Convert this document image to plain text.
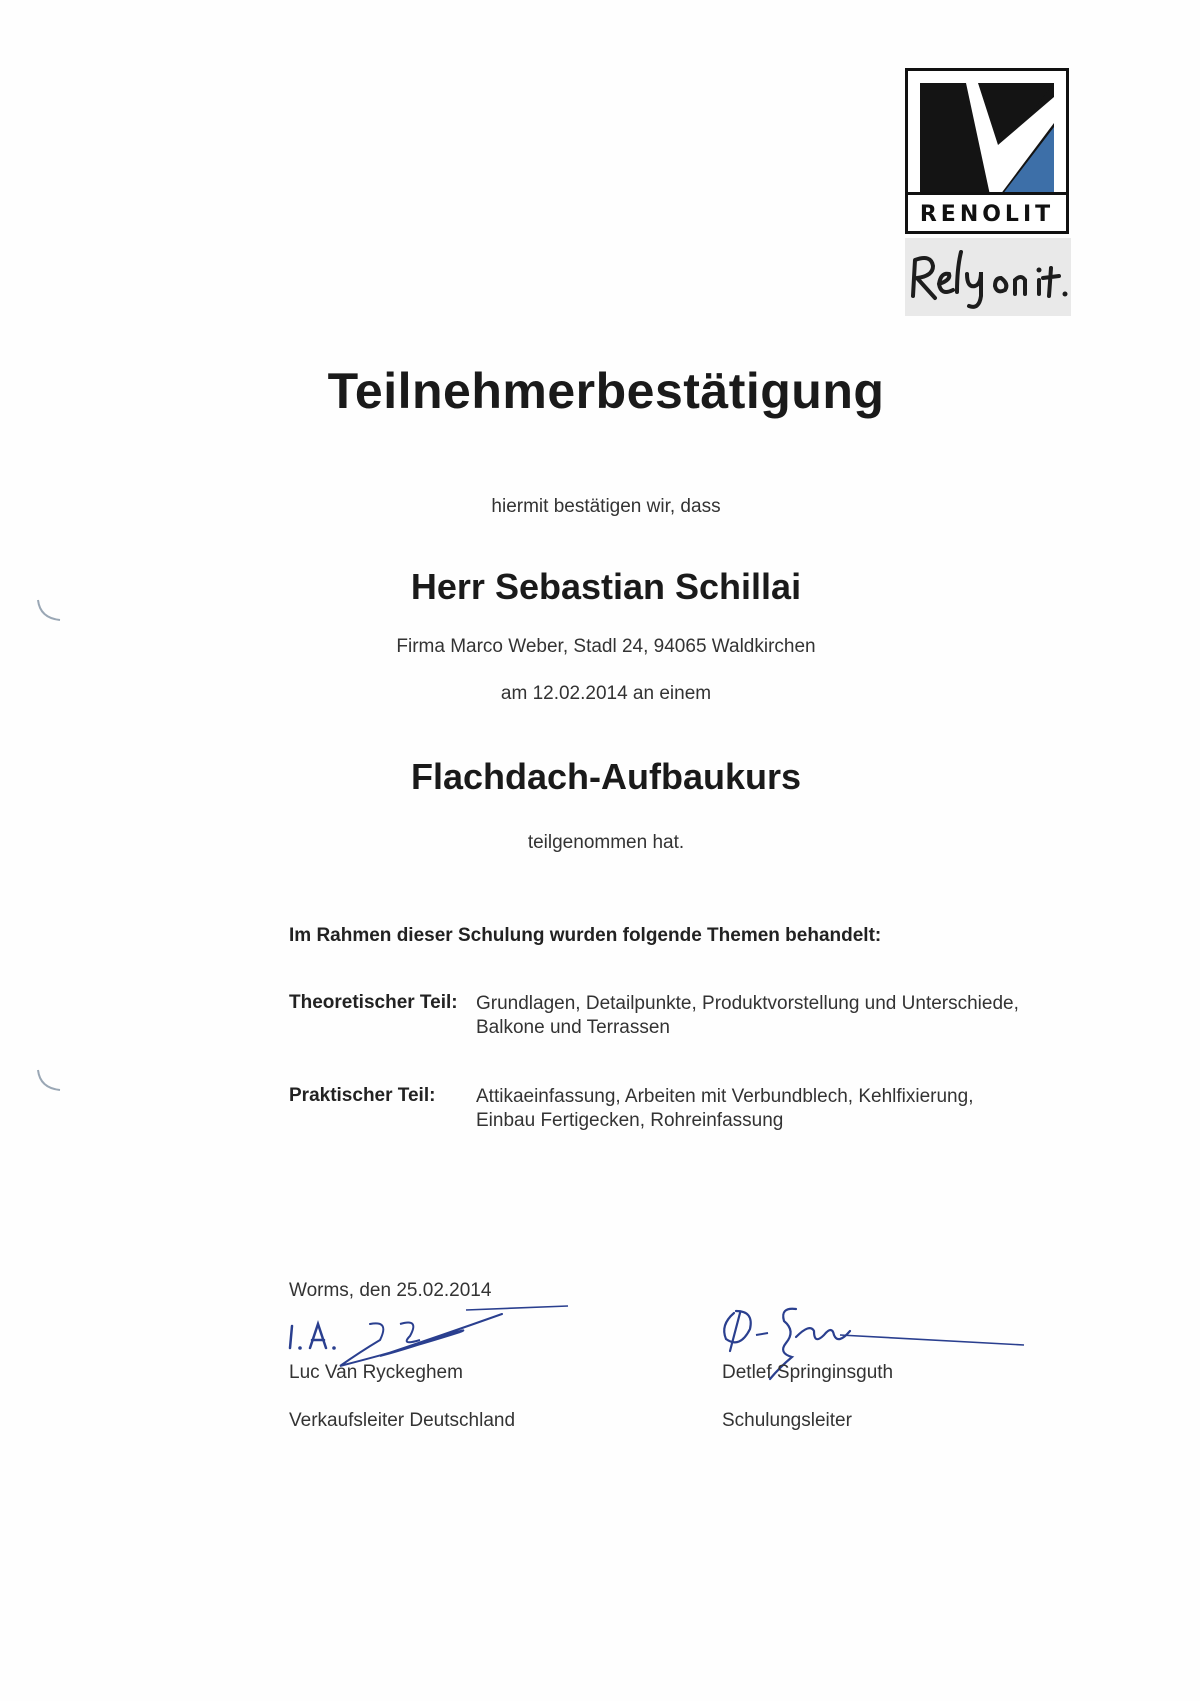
RENOLIT
Teilnehmerbestätigung
hiermit bestätigen wir, dass
Herr Sebastian Schillai
Firma Marco Weber, Stadl 24, 94065 Waldkirchen
am 12.02.2014 an einem
Flachdach-Aufbaukurs
teilgenommen hat.
Im Rahmen dieser Schulung wurden folgende Themen behandelt:
Theoretischer Teil: Grundlagen, Detailpunkte, Produktvorstellung und Unterschiede,
Balkone und Terrassen
Praktischer Teil: Attikaeinfassung, Arbeiten mit Verbundblech, Kehlfixierung,
Einbau Fertigecken, Rohreinfassung
Worms, den 25.02.2014
Luc Van Ryckeghem
Verkaufsleiter Deutschland
Detlef Springinsguth
Schulungsleiter
